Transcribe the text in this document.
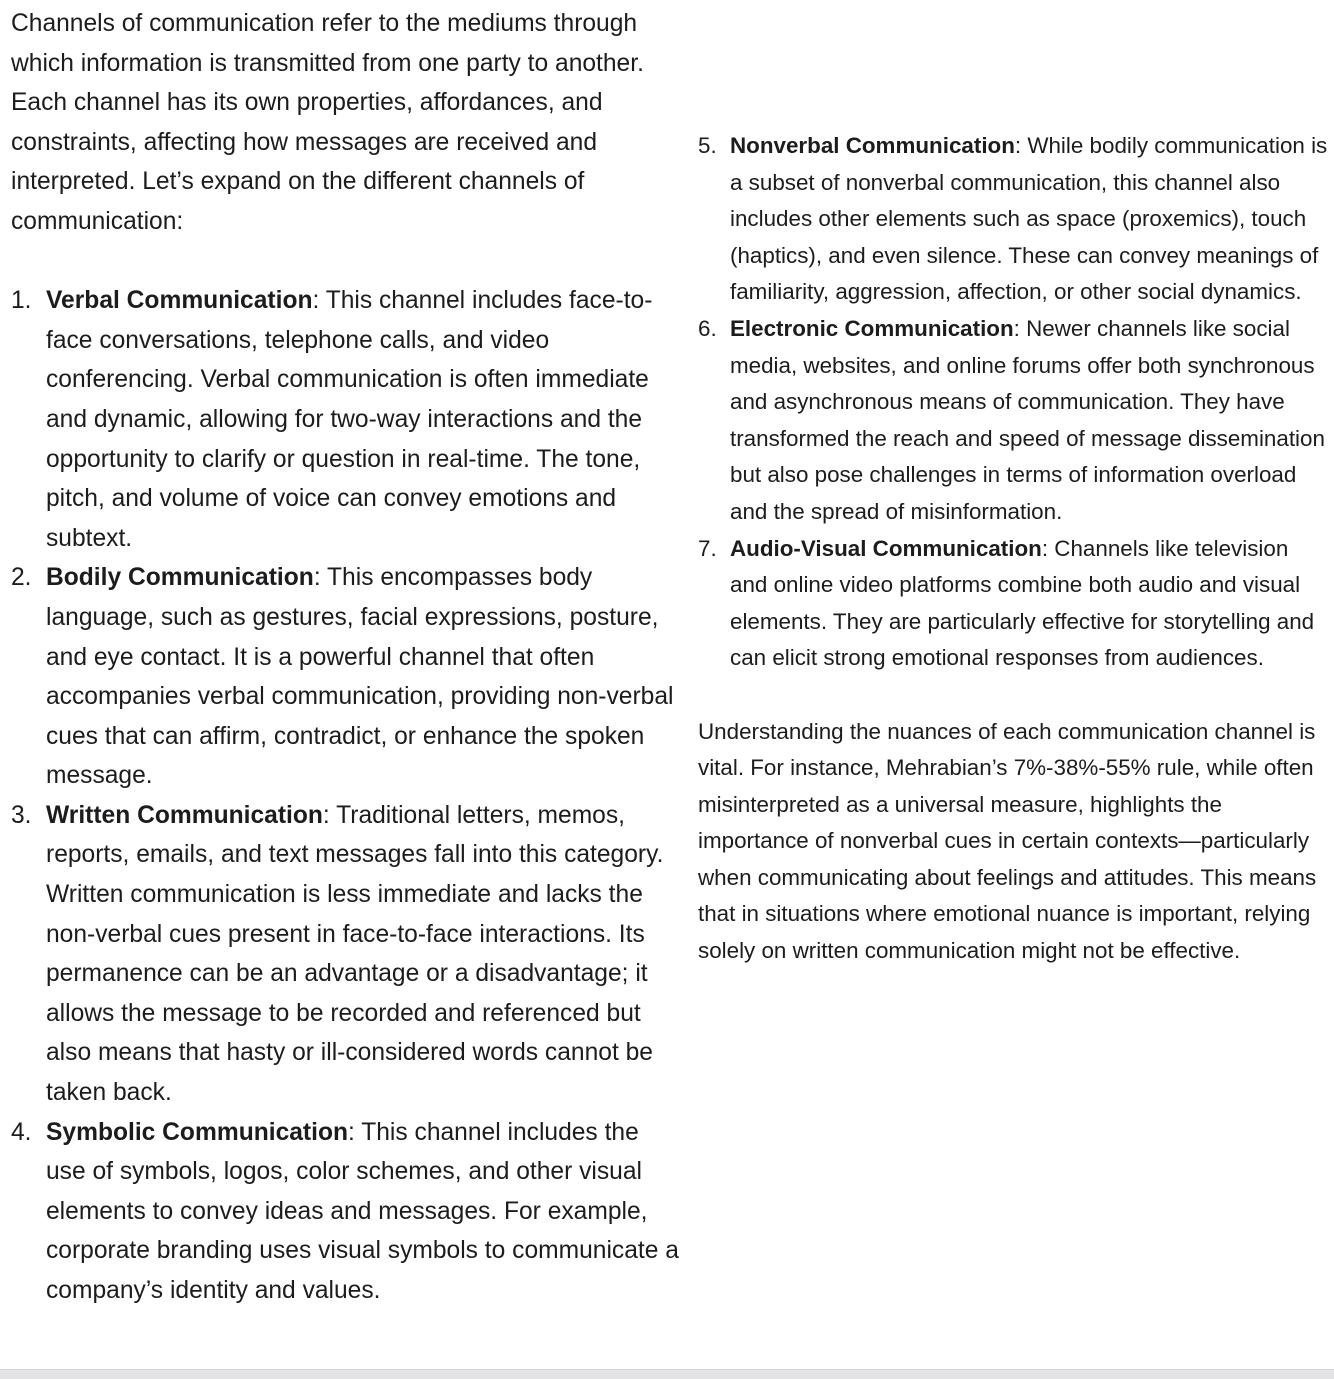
Channels of communication refer to the mediums through which information is transmitted from one party to another. Each channel has its own properties, affordances, and constraints, affecting how messages are received and interpreted. Let’s expand on the different channels of communication:

1. Verbal Communication: This channel includes face-to-face conversations, telephone calls, and video conferencing. Verbal communication is often immediate and dynamic, allowing for two-way interactions and the opportunity to clarify or question in real-time. The tone, pitch, and volume of voice can convey emotions and subtext.
2. Bodily Communication: This encompasses body language, such as gestures, facial expressions, posture, and eye contact. It is a powerful channel that often accompanies verbal communication, providing non-verbal cues that can affirm, contradict, or enhance the spoken message.
3. Written Communication: Traditional letters, memos, reports, emails, and text messages fall into this category. Written communication is less immediate and lacks the non-verbal cues present in face-to-face interactions. Its permanence can be an advantage or a disadvantage; it allows the message to be recorded and referenced but also means that hasty or ill-considered words cannot be taken back.
4. Symbolic Communication: This channel includes the use of symbols, logos, color schemes, and other visual elements to convey ideas and messages. For example, corporate branding uses visual symbols to communicate a company’s identity and values.
5. Nonverbal Communication: While bodily communication is a subset of nonverbal communication, this channel also includes other elements such as space (proxemics), touch (haptics), and even silence. These can convey meanings of familiarity, aggression, affection, or other social dynamics.
6. Electronic Communication: Newer channels like social media, websites, and online forums offer both synchronous and asynchronous means of communication. They have transformed the reach and speed of message dissemination but also pose challenges in terms of information overload and the spread of misinformation.
7. Audio-Visual Communication: Channels like television and online video platforms combine both audio and visual elements. They are particularly effective for storytelling and can elicit strong emotional responses from audiences.

Understanding the nuances of each communication channel is vital. For instance, Mehrabian’s 7%-38%-55% rule, while often misinterpreted as a universal measure, highlights the importance of nonverbal cues in certain contexts—particularly when communicating about feelings and attitudes. This means that in situations where emotional nuance is important, relying solely on written communication might not be effective.
